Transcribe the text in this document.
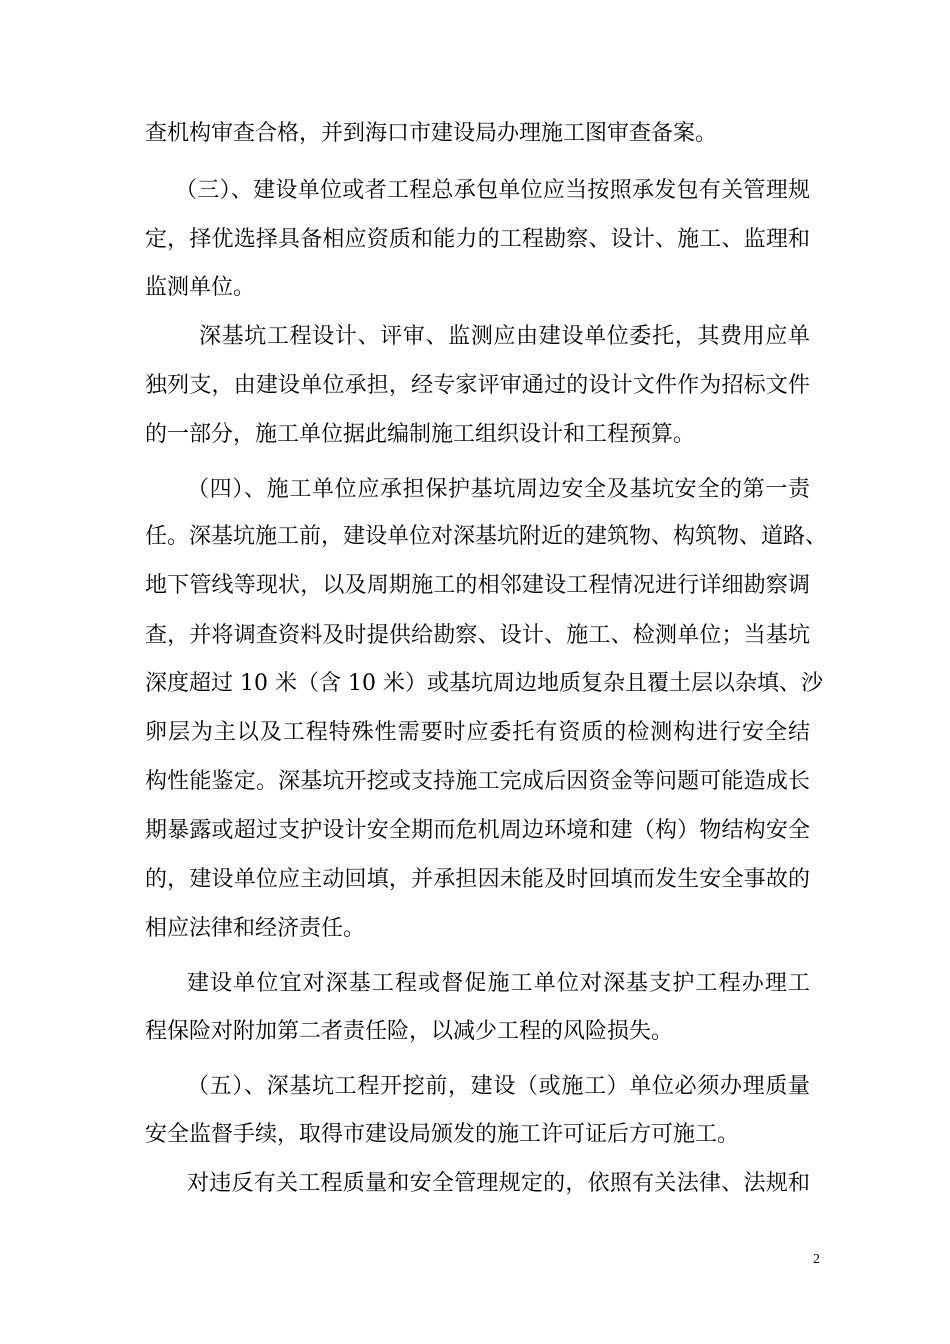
查机构审查合格，并到海口市建设局办理施工图审查备案。
（三）、建设单位或者工程总承包单位应当按照承发包有关管理规
定，择优选择具备相应资质和能力的工程勘察、设计、施工、监理和
监测单位。
深基坑工程设计、评审、监测应由建设单位委托，其费用应单
独列支，由建设单位承担，经专家评审通过的设计文件作为招标文件
的一部分，施工单位据此编制施工组织设计和工程预算。
（四）、施工单位应承担保护基坑周边安全及基坑安全的第一责
任。深基坑施工前，建设单位对深基坑附近的建筑物、构筑物、道路、
地下管线等现状，以及周期施工的相邻建设工程情况进行详细勘察调
查，并将调查资料及时提供给勘察、设计、施工、检测单位；当基坑
深度超过 10 米（含 10 米）或基坑周边地质复杂且覆土层以杂填、沙
卵层为主以及工程特殊性需要时应委托有资质的检测构进行安全结
构性能鉴定。深基坑开挖或支持施工完成后因资金等问题可能造成长
期暴露或超过支护设计安全期而危机周边环境和建（构）物结构安全
的，建设单位应主动回填，并承担因未能及时回填而发生安全事故的
相应法律和经济责任。
建设单位宜对深基工程或督促施工单位对深基支护工程办理工
程保险对附加第二者责任险，以减少工程的风险损失。
（五）、深基坑工程开挖前，建设（或施工）单位必须办理质量
安全监督手续，取得市建设局颁发的施工许可证后方可施工。
对违反有关工程质量和安全管理规定的，依照有关法律、法规和
2
